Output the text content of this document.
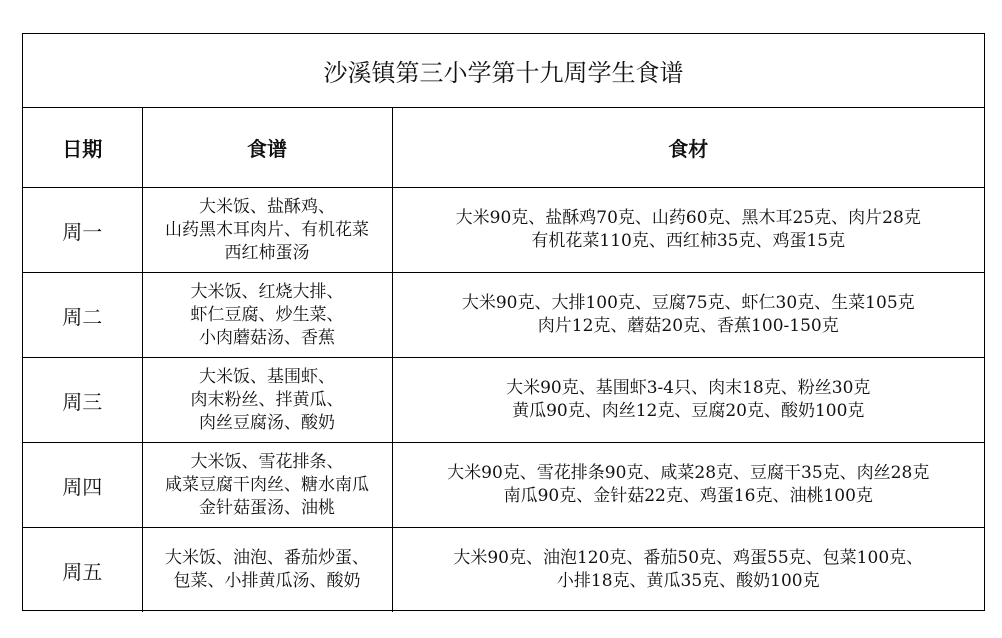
沙溪镇第三小学第十九周学生食谱
日期	食谱	食材
周一	大米饭、盐酥鸡、
山药黑木耳肉片、有机花菜
西红柿蛋汤	大米90克、盐酥鸡70克、山药60克、黑木耳25克、肉片28克
有机花菜110克、西红柿35克、鸡蛋15克

周二	大米饭、红烧大排、
虾仁豆腐、炒生菜、
小肉蘑菇汤、香蕉	大米90克、大排100克、豆腐75克、虾仁30克、生菜105克
肉片12克、蘑菇20克、香蕉100-150克

周三	大米饭、基围虾、
肉末粉丝、拌黄瓜、
肉丝豆腐汤、酸奶	大米90克、基围虾3-4只、肉末18克、粉丝30克
黄瓜90克、肉丝12克、豆腐20克、酸奶100克

周四	大米饭、雪花排条、
咸菜豆腐干肉丝、糖水南瓜
金针菇蛋汤、油桃	大米90克、雪花排条90克、咸菜28克、豆腐干35克、肉丝28克
南瓜90克、金针菇22克、鸡蛋16克、油桃100克

周五	大米饭、油泡、番茄炒蛋、
包菜、小排黄瓜汤、酸奶	大米90克、油泡120克、番茄50克、鸡蛋55克、包菜100克、
小排18克、黄瓜35克、酸奶100克
